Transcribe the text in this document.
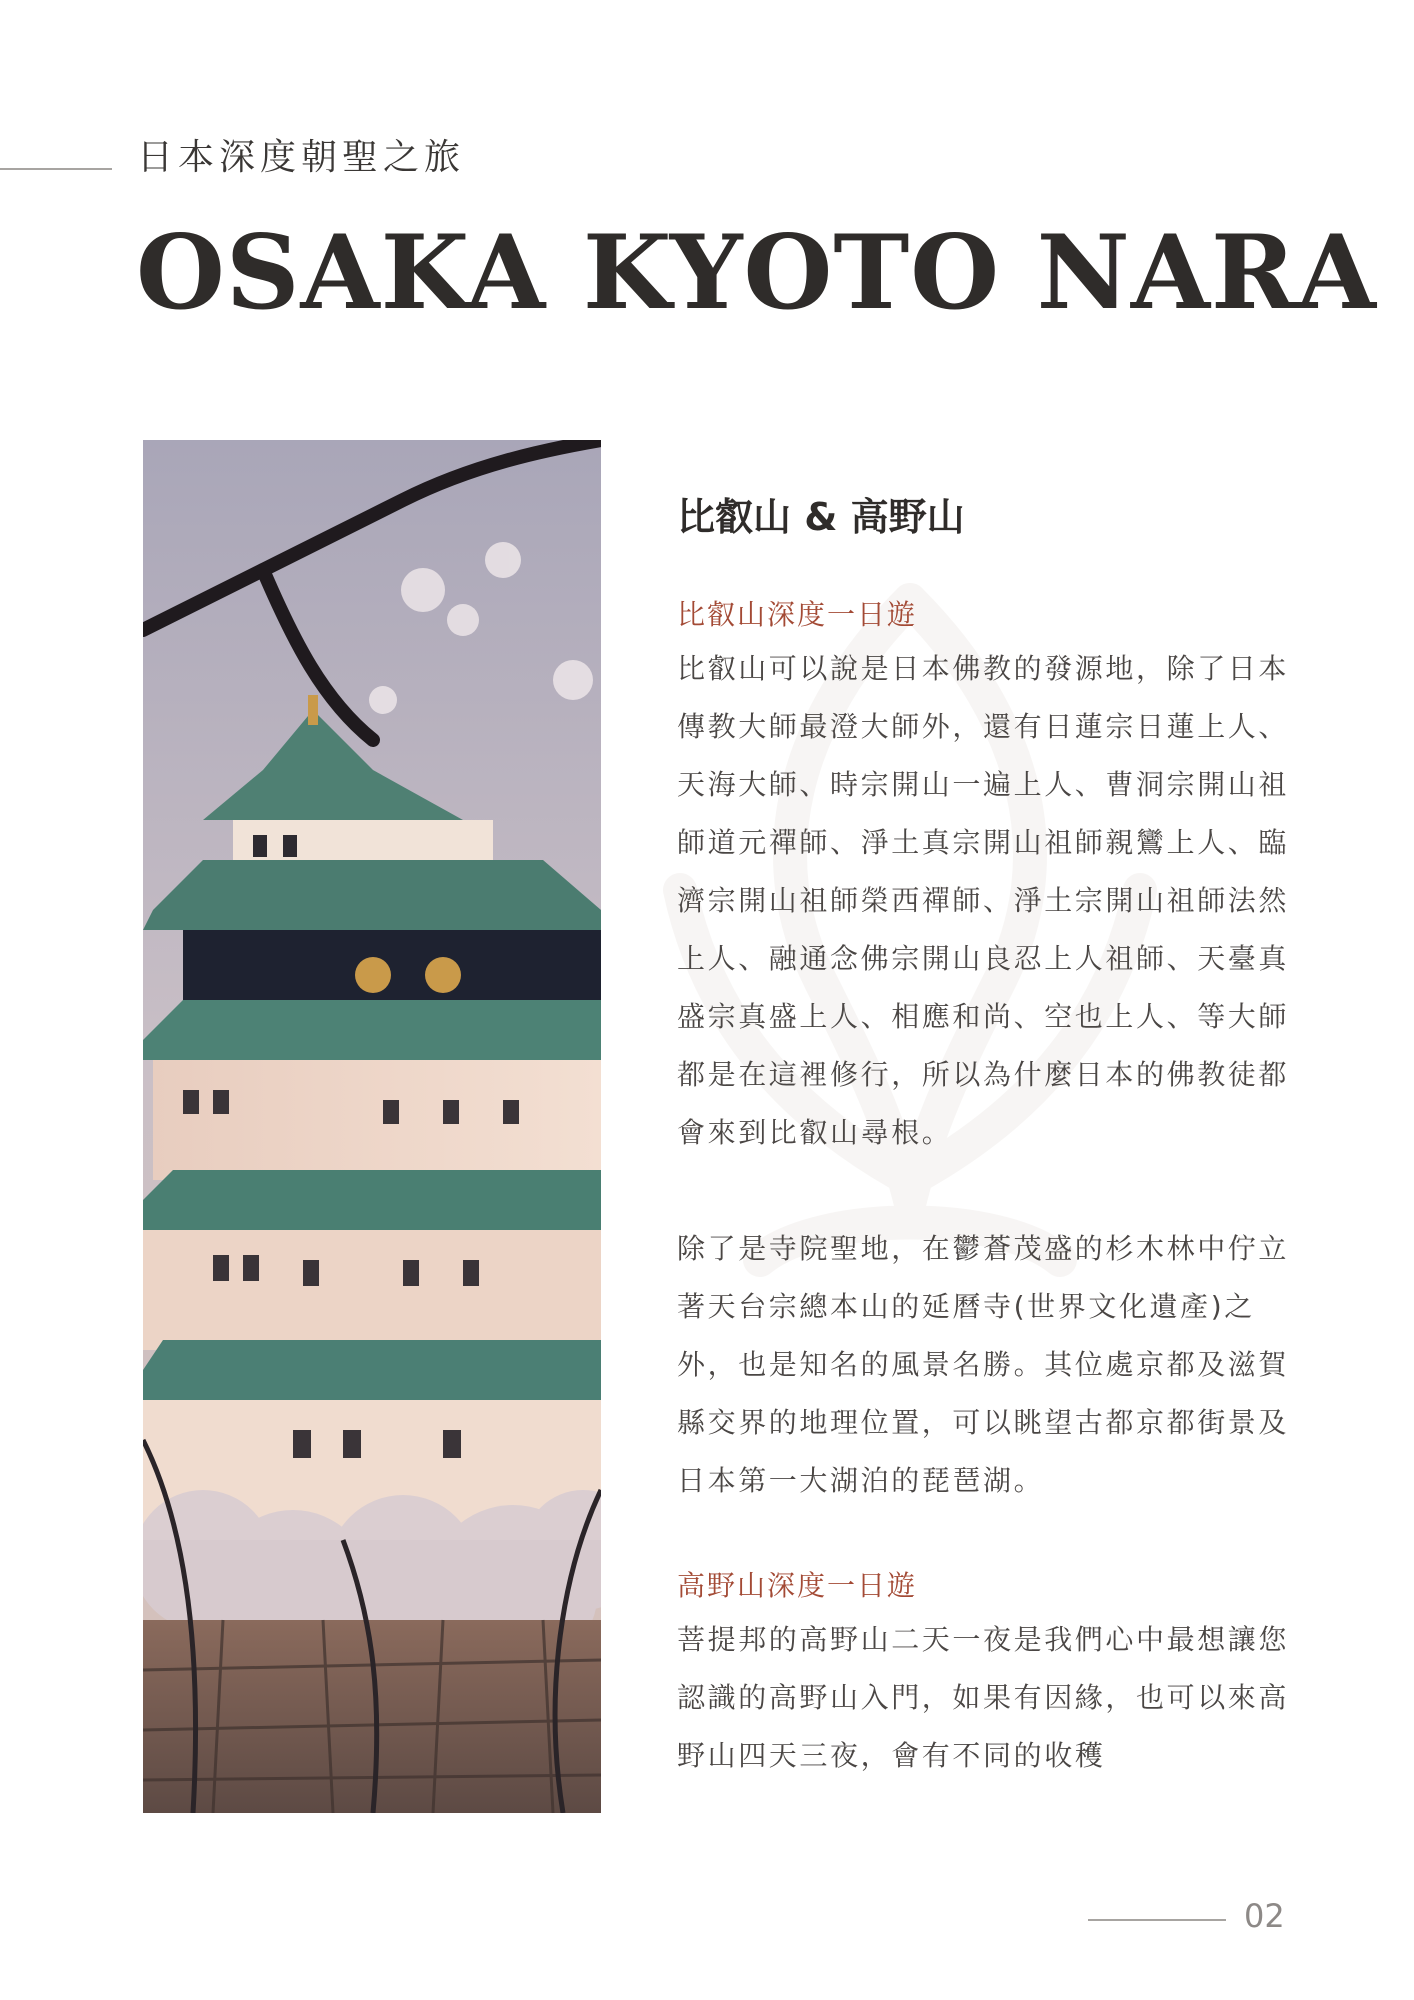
日本深度朝聖之旅
OSAKA KYOTO NARA
比叡山 & 高野山
比叡山深度一日遊

比叡山可以說是日本佛教的發源地，除了日本傳教大師最澄大師外，還有日蓮宗日蓮上人、天海大師、時宗開山一遍上人、曹洞宗開山祖師道元禪師、淨土真宗開山祖師親鸞上人、臨濟宗開山祖師榮西禪師、淨土宗開山祖師法然上人、融通念佛宗開山良忍上人祖師、天臺真盛宗真盛上人、相應和尚、空也上人、等大師都是在這裡修行，所以為什麼日本的佛教徒都會來到比叡山尋根。

除了是寺院聖地，在鬱蒼茂盛的杉木林中佇立著天台宗總本山的延曆寺(世界文化遺產)之外，也是知名的風景名勝。其位處京都及滋賀縣交界的地理位置，可以眺望古都京都街景及日本第一大湖泊的琵琶湖。

高野山深度一日遊

菩提邦的高野山二天一夜是我們心中最想讓您認識的高野山入門，如果有因緣，也可以來高野山四天三夜，會有不同的收穫

02
